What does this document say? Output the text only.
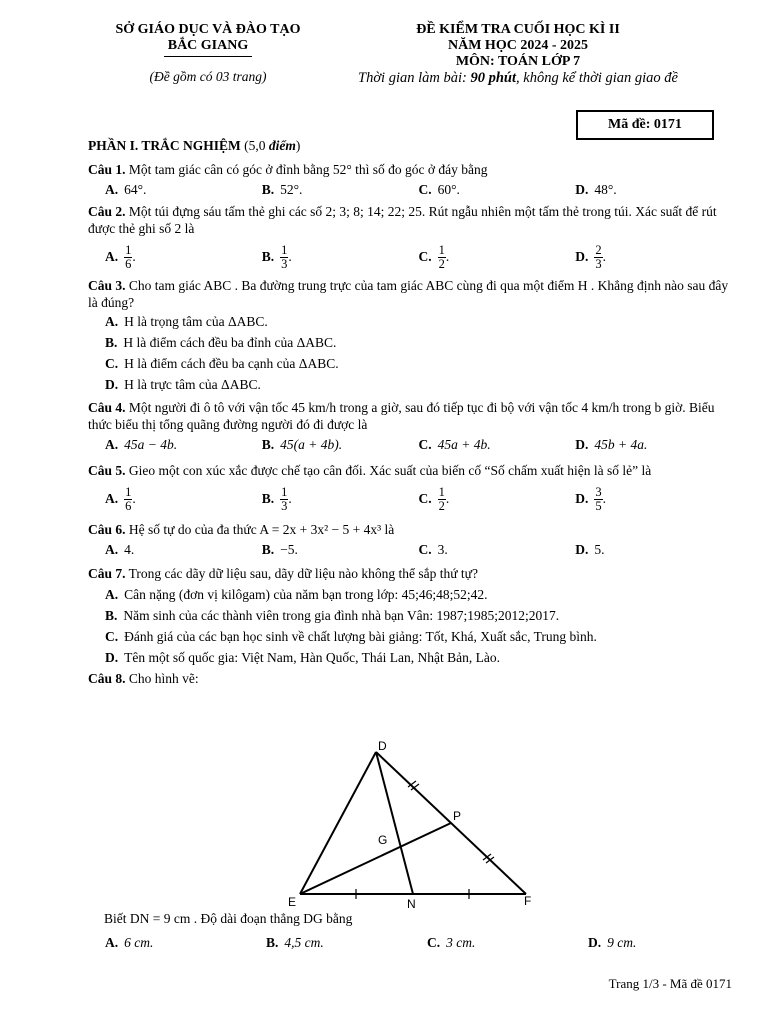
SỞ GIÁO DỤC VÀ ĐÀO TẠO
BẮC GIANG
(Đề gồm có 03 trang)
ĐỀ KIỂM TRA CUỐI HỌC KÌ II
NĂM HỌC 2024 - 2025
MÔN: TOÁN LỚP 7
Thời gian làm bài: 90 phút, không kể thời gian giao đề
Mã đề: 0171
PHẦN I. TRẮC NGHIỆM (5,0 điểm)
Câu 1. Một tam giác cân có góc ở đỉnh bằng 52° thì số đo góc ở đáy bằng
A. 64°.	B. 52°.	C. 60°.	D. 48°.
Câu 2. Một túi đựng sáu tấm thẻ ghi các số 2; 3; 8; 14; 22; 25. Rút ngẫu nhiên một tấm thẻ trong túi. Xác suất để rút được thẻ ghi số 2 là
A. $\frac{1}{6}$ .	B. $\frac{1}{3}$ .	C. $\frac{1}{2}$ .	D. $\frac{2}{3}$ .
Câu 3. Cho tam giác ABC . Ba đường trung trực của tam giác ABC cùng đi qua một điểm H . Khẳng định nào sau đây là đúng?
A. H là trọng tâm của ΔABC.
B. H là điểm cách đều ba đỉnh của ΔABC.
C. H là điểm cách đều ba cạnh của ΔABC.
D. H là trực tâm của ΔABC.
Câu 4. Một người đi ô tô với vận tốc 45 km/h trong a giờ, sau đó tiếp tục đi bộ với vận tốc 4 km/h trong b giờ. Biểu thức biểu thị tổng quãng đường người đó đi được là
A. 45a − 4b.	B. 45(a + 4b).	C. 45a + 4b.	D. 45b + 4a.
Câu 5. Gieo một con xúc xắc được chế tạo cân đối. Xác suất của biến cố “Số chấm xuất hiện là số lẻ” là
A. $\frac{1}{6}$ .	B. $\frac{1}{3}$ .	C. $\frac{1}{2}$ .	D. $\frac{3}{5}$ .
Câu 6. Hệ số tự do của đa thức A = 2x + 3x² − 5 + 4x³ là
A. 4.	B. −5.	C. 3.	D. 5.
Câu 7. Trong các dãy dữ liệu sau, dãy dữ liệu nào không thể sắp thứ tự?
A. Cân nặng (đơn vị kilôgam) của năm bạn trong lớp: 45;46;48;52;42.
B. Năm sinh của các thành viên trong gia đình nhà bạn Vân: 1987;1985;2012;2017.
C. Đánh giá của các bạn học sinh về chất lượng bài giảng: Tốt, Khá, Xuất sắc, Trung bình.
D. Tên một số quốc gia: Việt Nam, Hàn Quốc, Thái Lan, Nhật Bản, Lào.
Câu 8. Cho hình vẽ:
D
E	F
P
G
N
Biết DN = 9 cm . Độ dài đoạn thẳng DG bằng
A. 6 cm.	B. 4,5 cm.	C. 3 cm.	D. 9 cm.
Trang 1/3 - Mã đề 0171
